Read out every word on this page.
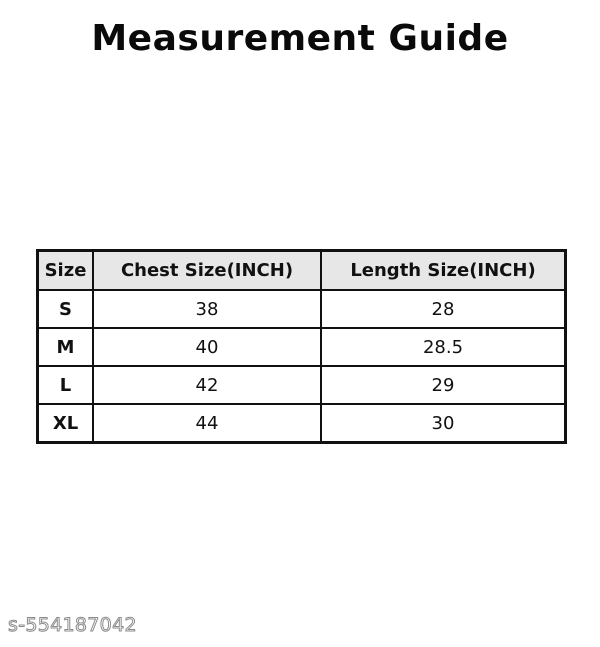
Measurement Guide
Size	Chest Size(INCH)	Length Size(INCH)
S	38	28
M	40	28.5
L	42	29
XL	44	30
s-554187042
